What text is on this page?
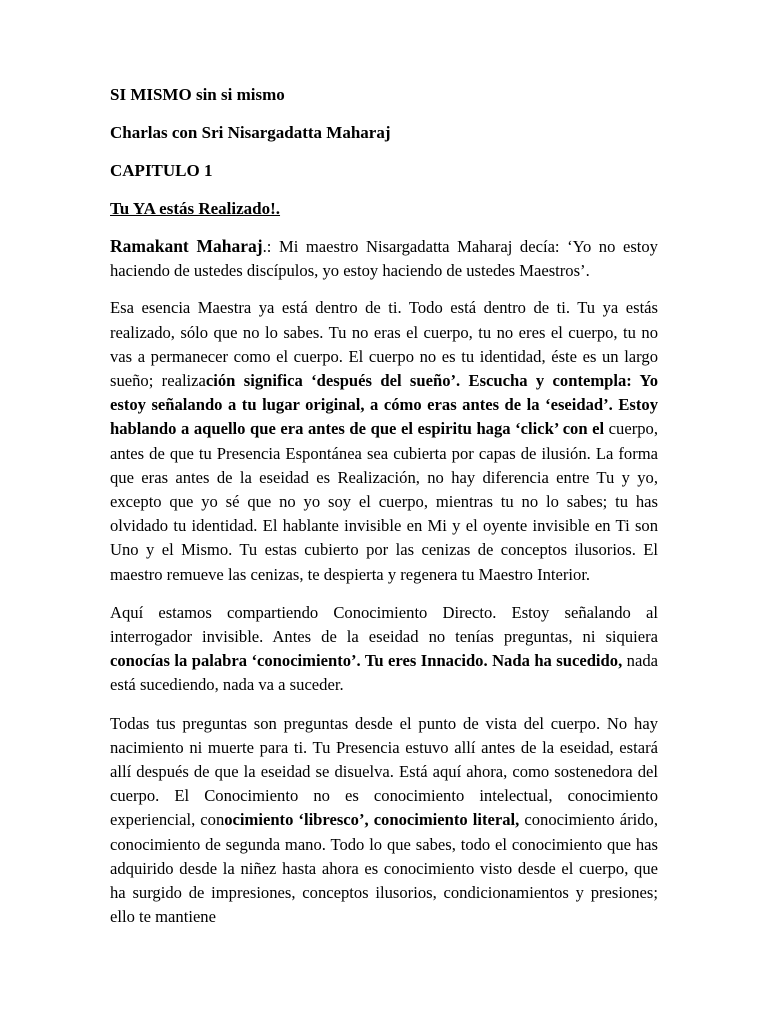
SI MISMO sin si mismo

Charlas con Sri Nisargadatta Maharaj

CAPITULO 1

Tu YA estás Realizado!.

Ramakant Maharaj.: Mi maestro Nisargadatta Maharaj decía: ‘Yo no estoy haciendo de ustedes discípulos, yo estoy haciendo de ustedes Maestros’.

Esa esencia Maestra ya está dentro de ti. Todo está dentro de ti. Tu ya estás realizado, sólo que no lo sabes. Tu no eras el cuerpo, tu no eres el cuerpo, tu no vas a permanecer como el cuerpo. El cuerpo no es tu identidad, éste es un largo sueño; realización significa ‘después del sueño’. Escucha y contempla: Yo estoy señalando a tu lugar original, a cómo eras antes de la ‘eseidad’. Estoy hablando a aquello que era antes de que el espiritu haga ‘click’ con el cuerpo, antes de que tu Presencia Espontánea sea cubierta por capas de ilusión. La forma que eras antes de la eseidad es Realización, no hay diferencia entre Tu y yo, excepto que yo sé que no yo soy el cuerpo, mientras tu no lo sabes; tu has olvidado tu identidad. El hablante invisible en Mi y el oyente invisible en Ti son Uno y el Mismo. Tu estas cubierto por las cenizas de conceptos ilusorios. El maestro remueve las cenizas, te despierta y regenera tu Maestro Interior.

Aquí estamos compartiendo Conocimiento Directo. Estoy señalando al interrogador invisible. Antes de la eseidad no tenías preguntas, ni siquiera conocías la palabra ‘conocimiento’. Tu eres Innacido. Nada ha sucedido, nada está sucediendo, nada va a suceder.

Todas tus preguntas son preguntas desde el punto de vista del cuerpo. No hay nacimiento ni muerte para ti. Tu Presencia estuvo allí antes de la eseidad, estará allí después de que la eseidad se disuelva. Está aquí ahora, como sostenedora del cuerpo. El Conocimiento no es conocimiento intelectual, conocimiento experiencial, conocimiento ‘libresco’, conocimiento literal, conocimiento árido, conocimiento de segunda mano. Todo lo que sabes, todo el conocimiento que has adquirido desde la niñez hasta ahora es conocimiento visto desde el cuerpo, que ha surgido de impresiones, conceptos ilusorios, condicionamientos y presiones; ello te mantiene
